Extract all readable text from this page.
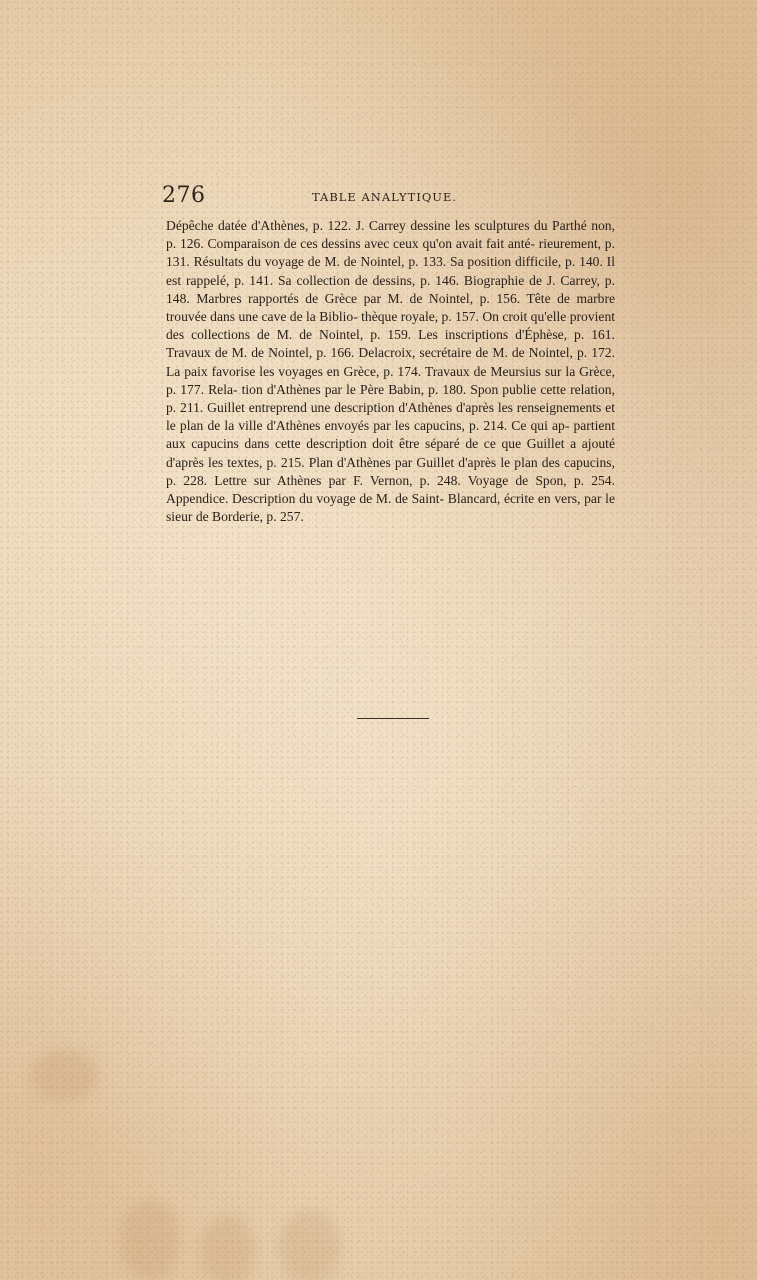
276	TABLE ANALYTIQUE.

Dépêche datée d'Athènes, p. 122. J. Carrey dessine les sculptures du Parthé non, p. 126. Comparaison de ces dessins avec ceux qu'on avait fait anté- rieurement, p. 131. Résultats du voyage de M. de Nointel, p. 133. Sa position difficile, p. 140. Il est rappelé, p. 141. Sa collection de dessins, p. 146. Biographie de J. Carrey, p. 148. Marbres rapportés de Grèce par M. de Nointel, p. 156. Tête de marbre trouvée dans une cave de la Biblio- thèque royale, p. 157. On croit qu'elle provient des collections de M. de Nointel, p. 159. Les inscriptions d'Éphèse, p. 161. Travaux de M. de Nointel, p. 166. Delacroix, secrétaire de M. de Nointel, p. 172. La paix favorise les voyages en Grèce, p. 174. Travaux de Meursius sur la Grèce, p. 177. Rela- tion d'Athènes par le Père Babin, p. 180. Spon publie cette relation, p. 211. Guillet entreprend une description d'Athènes d'après les renseignements et le plan de la ville d'Athènes envoyés par les capucins, p. 214. Ce qui ap- partient aux capucins dans cette description doit être séparé de ce que Guillet a ajouté d'après les textes, p. 215. Plan d'Athènes par Guillet d'après le plan des capucins, p. 228. Lettre sur Athènes par F. Vernon, p. 248. Voyage de Spon, p. 254. Appendice. Description du voyage de M. de Saint- Blancard, écrite en vers, par le sieur de Borderie, p. 257.
